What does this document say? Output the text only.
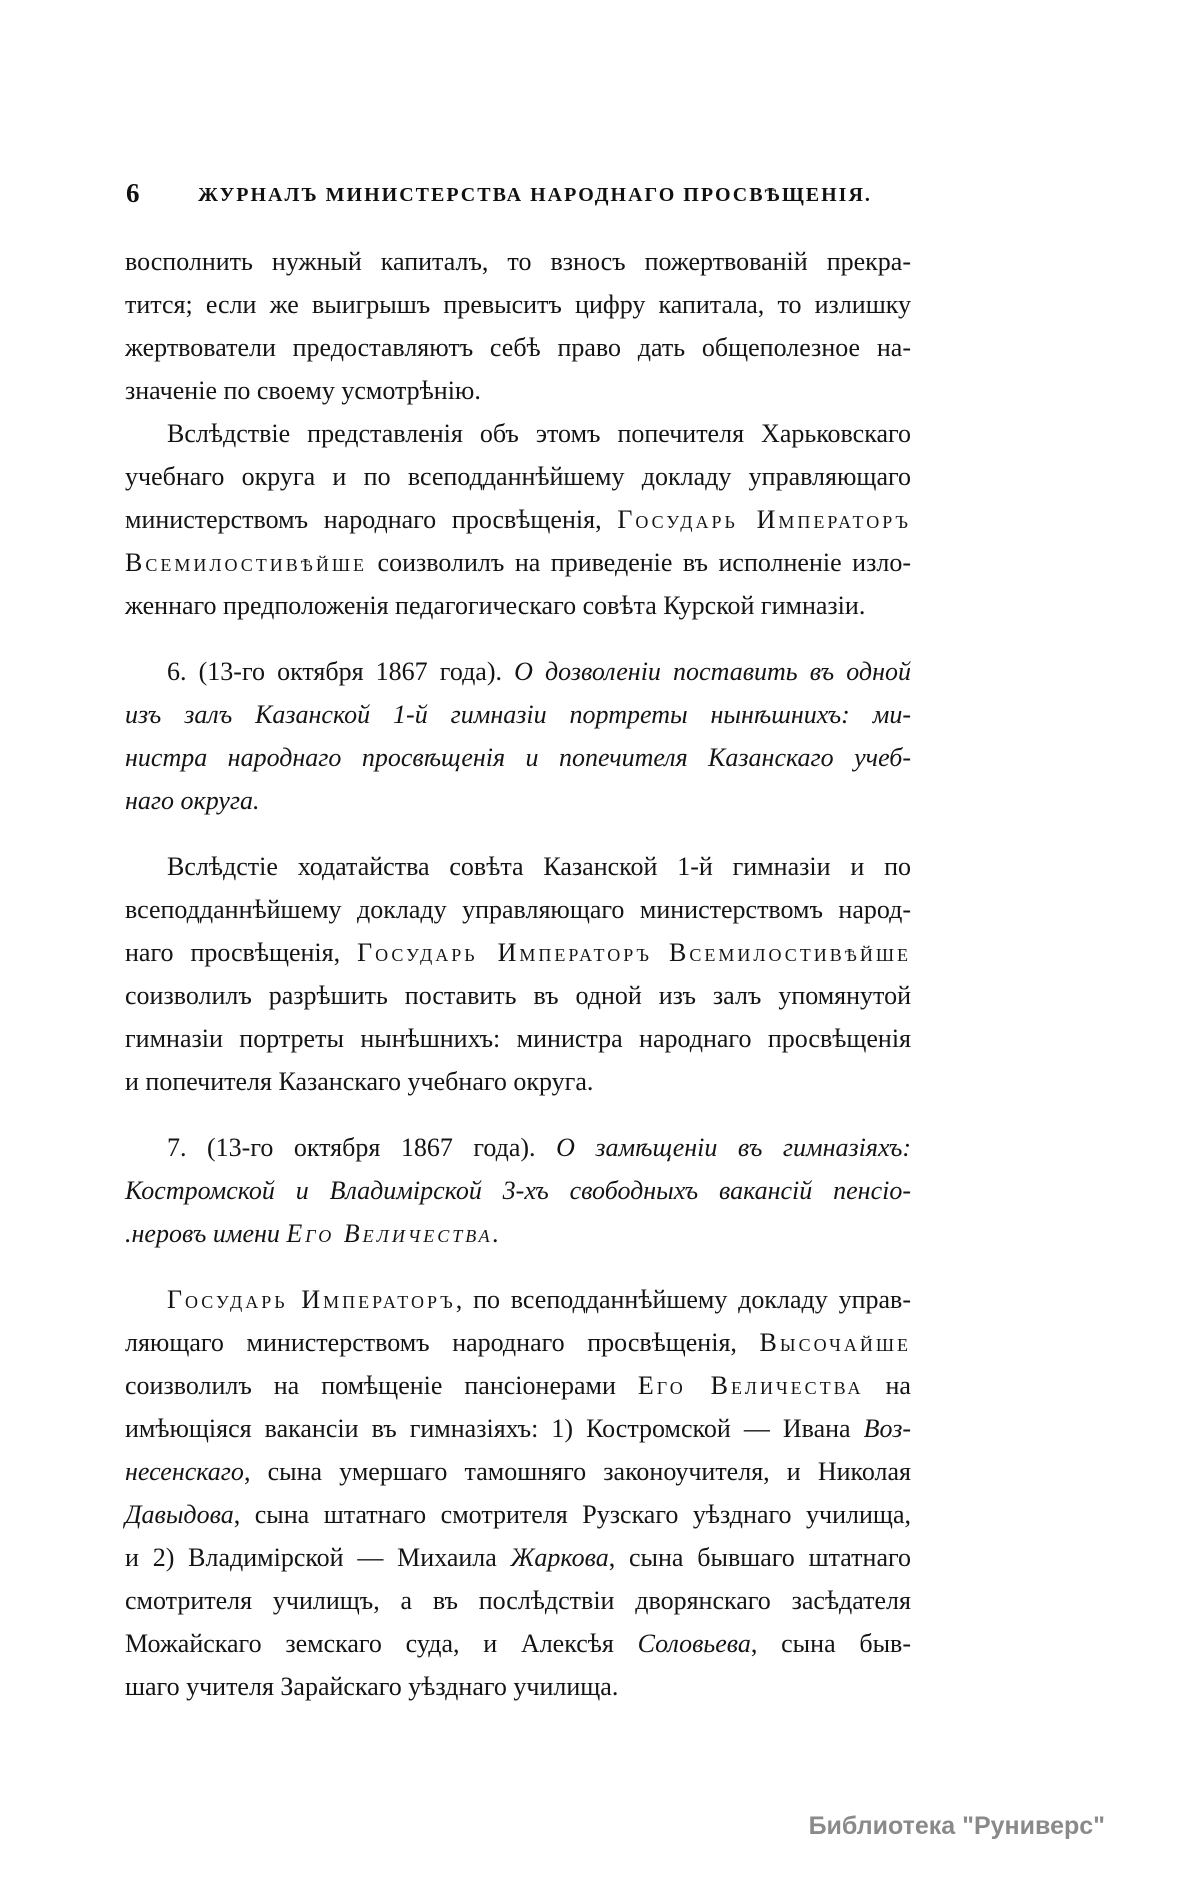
6	ЖУРНАЛЪ МИНИСТЕРСТВА НАРОДНАГО ПРОСВѢЩЕНІЯ.
восполнить нужный капиталъ, то взносъ пожертвованій прекра-
тится; если же выигрышъ превыситъ цифру капитала, то излишку
жертвователи предоставляютъ себѣ право дать общеполезное на-
значеніе по своему усмотрѣнію.
Вслѣдствіе представленія объ этомъ попечителя Харьковскаго
учебнаго округа и по всеподданнѣйшему докладу управляющаго
министерствомъ народнаго просвѣщенія, Государь Императоръ
Всемилостивѣйше соизволилъ на приведеніе въ исполненіе изло-
женнаго предположенія педагогическаго совѣта Курской гимназіи.
6. (13-го октября 1867 года). О дозволеніи поставить въ одной
изъ залъ Казанской 1-й гимназіи портреты нынѣшнихъ: ми-
нистра народнаго просвѣщенія и попечителя Казанскаго учеб-
наго округа.
Вслѣдстіе ходатайства совѣта Казанской 1-й гимназіи и по
всеподданнѣйшему докладу управляющаго министерствомъ народ-
наго просвѣщенія, Государь Императоръ Всемилостивѣйше
соизволилъ разрѣшить поставить въ одной изъ залъ упомянутой
гимназіи портреты нынѣшнихъ: министра народнаго просвѣщенія
и попечителя Казанскаго учебнаго округа.
7. (13-го октября 1867 года). О замѣщеніи въ гимназіяхъ:
Костромской и Владимірской 3-хъ свободныхъ вакансій пенсіо-
.неровъ имени Его Величества.
Государь Императоръ, по всеподданнѣйшему докладу управ-
ляющаго министерствомъ народнаго просвѣщенія, Высочайше
соизволилъ на помѣщеніе пансіонерами Его Величества на
имѣющіяся вакансіи въ гимназіяхъ: 1) Костромской — Ивана Воз-
несенскаго, сына умершаго тамошняго законоучителя, и Николая
Давыдова, сына штатнаго смотрителя Рузскаго уѣзднаго училища,
и 2) Владимірской — Михаила Жаркова, сына бывшаго штатнаго
смотрителя училищъ, а въ послѣдствіи дворянскаго засѣдателя
Можайскаго земскаго суда, и Алексѣя Соловьева, сына быв-
шаго учителя Зарайскаго уѣзднаго училища.
Библиотека "Руниверс"
